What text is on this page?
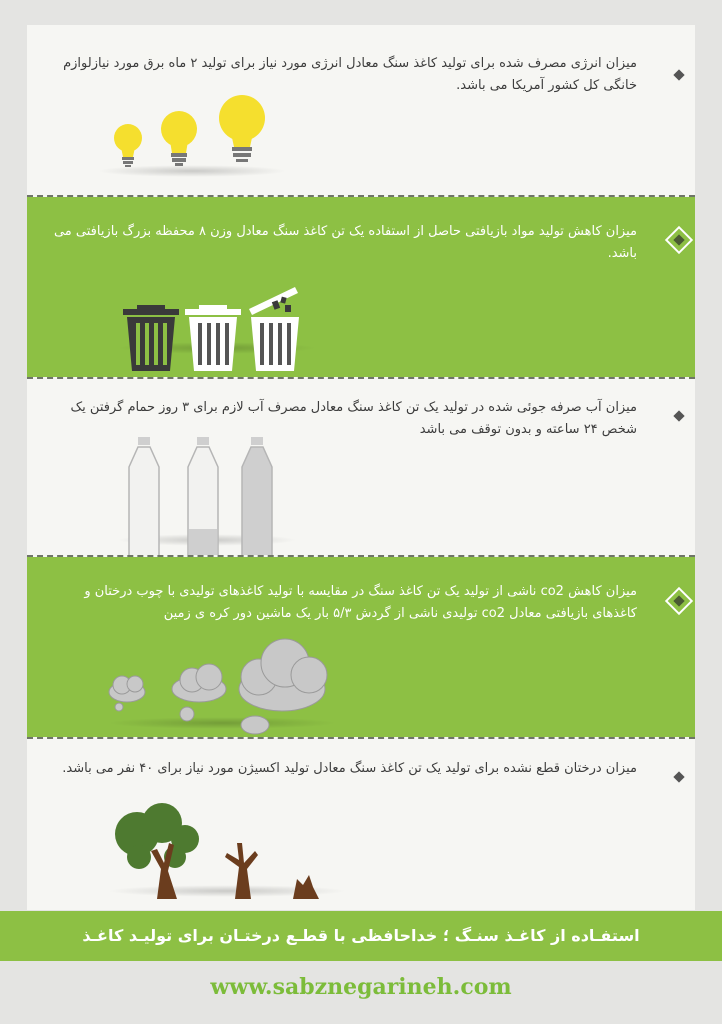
میزان انرژی مصرف شده برای تولید کاغذ سنگ معادل انرژی مورد نیاز برای تولید ۲ ماه برق مورد نیازلوازم خانگی کل کشور آمریکا می باشد.

میزان کاهش تولید مواد بازیافتی حاصل از استفاده یک تن کاغذ سنگ معادل وزن ۸ محفظه بزرگ بازیافتی می باشد.

میزان آب صرفه جوئی شده در تولید یک تن کاغذ سنگ معادل مصرف آب لازم برای ۳ روز حمام گرفتن یک شخص ۲۴ ساعته و بدون توقف می باشد

میزان کاهش co2 ناشی از تولید یک تن کاغذ سنگ در مقایسه با تولید کاغذهای تولیدی با چوب درختان و کاغذهای بازیافتی معادل co2 تولیدی ناشی از گردش ۵/۳ بار یک ماشین دور کره ی زمین

میزان درختان قطع نشده برای تولید یک تن کاغذ سنگ معادل تولید اکسیژن مورد نیاز برای ۴۰ نفر می باشد.

استفـاده از کاغـذ سنـگ ؛ خداحافظی با قطـع درختـان برای تولیـد کاغـذ
www.sabznegarineh.com
